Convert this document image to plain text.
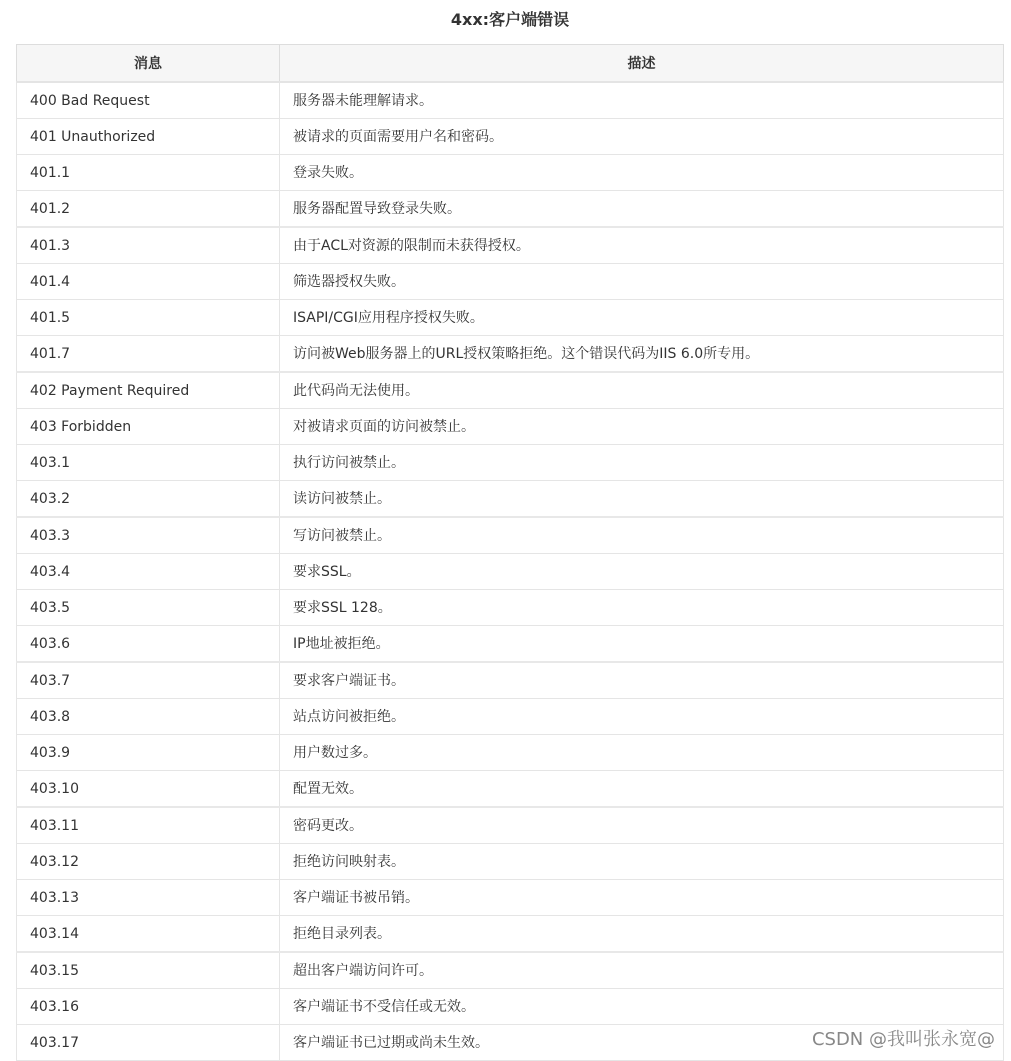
4xx:客户端错误
消息	描述
400 Bad Request	服务器未能理解请求。
401 Unauthorized	被请求的页面需要用户名和密码。
401.1	登录失败。
401.2	服务器配置导致登录失败。
401.3	由于ACL对资源的限制而未获得授权。
401.4	筛选器授权失败。
401.5	ISAPI/CGI应用程序授权失败。
401.7	访问被Web服务器上的URL授权策略拒绝。这个错误代码为IIS 6.0所专用。
402 Payment Required	此代码尚无法使用。
403 Forbidden	对被请求页面的访问被禁止。
403.1	执行访问被禁止。
403.2	读访问被禁止。
403.3	写访问被禁止。
403.4	要求SSL。
403.5	要求SSL 128。
403.6	IP地址被拒绝。
403.7	要求客户端证书。
403.8	站点访问被拒绝。
403.9	用户数过多。
403.10	配置无效。
403.11	密码更改。
403.12	拒绝访问映射表。
403.13	客户端证书被吊销。
403.14	拒绝目录列表。
403.15	超出客户端访问许可。
403.16	客户端证书不受信任或无效。
403.17	客户端证书已过期或尚未生效。	CSDN @我叫张永宽@
